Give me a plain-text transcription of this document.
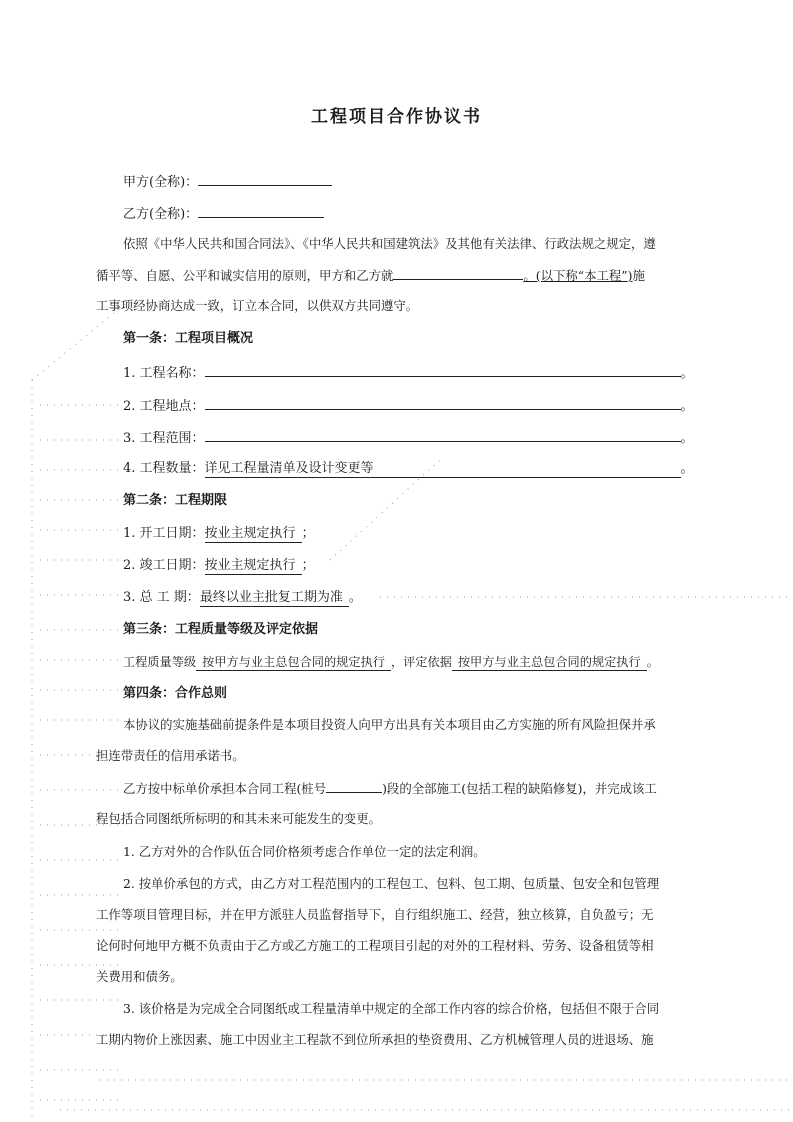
工程项目合作协议书
甲方(全称)：
乙方(全称)：
依照《中华人民共和国合同法》、《中华人民共和国建筑法》及其他有关法律、行政法规之规定，遵
循平等、自愿、公平和诚实信用的原则，甲方和乙方就	。(以下称“本工程”)施
工事项经协商达成一致，订立本合同，以供双方共同遵守。
第一条：工程项目概况
1. 工程名称：	。
2. 工程地点：	。
3. 工程范围：	。
4. 工程数量：详见工程量清单及设计变更等	。
第二条：工程期限
1. 开工日期：按业主规定执行 ；
2. 竣工日期：按业主规定执行 ；
3. 总 工 期：最终以业主批复工期为准 。
第三条：工程质量等级及评定依据
工程质量等级 按甲方与业主总包合同的规定执行 ，评定依据 按甲方与业主总包合同的规定执行 。
第四条：合作总则
本协议的实施基础前提条件是本项目投资人向甲方出具有关本项目由乙方实施的所有风险担保并承
担连带责任的信用承诺书。
乙方按中标单价承担本合同工程(桩号	)段的全部施工(包括工程的缺陷修复)，并完成该工
程包括合同图纸所标明的和其未来可能发生的变更。
1. 乙方对外的合作队伍合同价格须考虑合作单位一定的法定利润。
2. 按单价承包的方式，由乙方对工程范围内的工程包工、包料、包工期、包质量、包安全和包管理
工作等项目管理目标，并在甲方派驻人员监督指导下，自行组织施工、经营，独立核算，自负盈亏；无
论何时何地甲方概不负责由于乙方或乙方施工的工程项目引起的对外的工程材料、劳务、设备租赁等相
关费用和债务。
3. 该价格是为完成全合同图纸或工程量清单中规定的全部工作内容的综合价格，包括但不限于合同
工期内物价上涨因素、施工中因业主工程款不到位所承担的垫资费用、乙方机械管理人员的进退场、施
